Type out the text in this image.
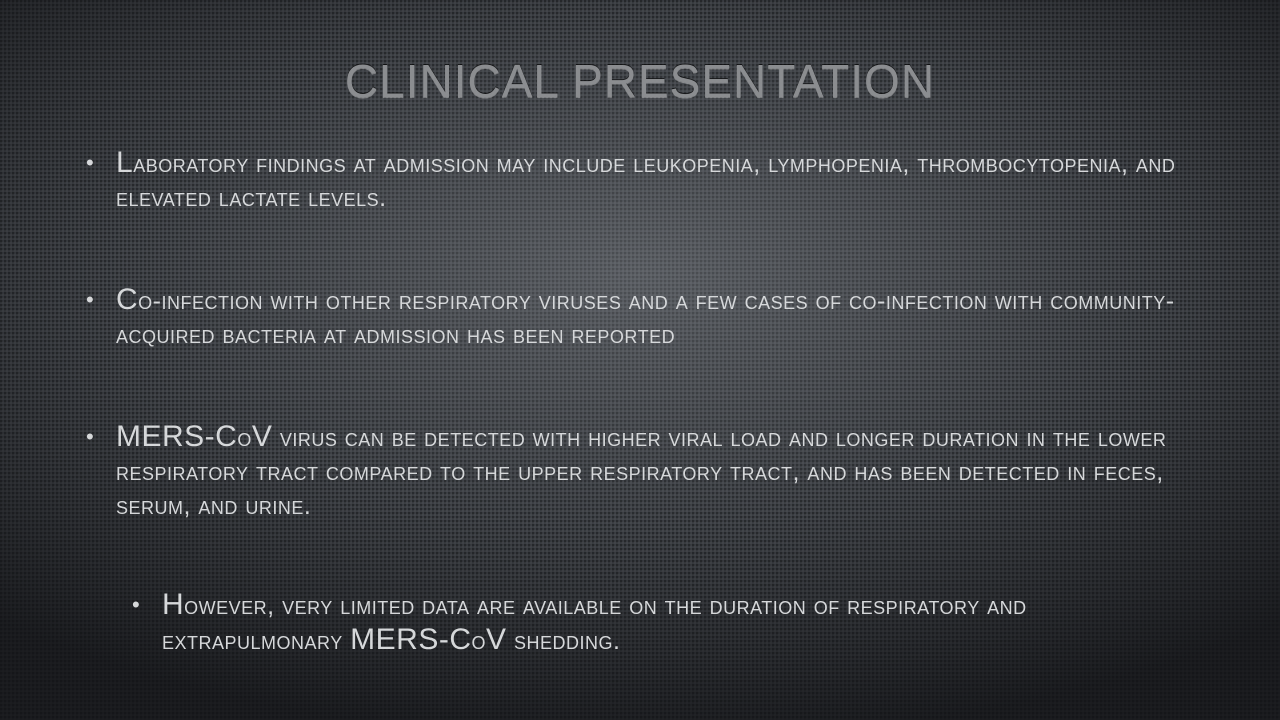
CLINICAL PRESENTATION
• Laboratory findings at admission may include leukopenia, lymphopenia, thrombocytopenia, and elevated lactate levels.
• Co-infection with other respiratory viruses and a few cases of co-infection with community-acquired bacteria at admission has been reported
• MERS-CoV virus can be detected with higher viral load and longer duration in the lower respiratory tract compared to the upper respiratory tract, and has been detected in feces, serum, and urine.
• However, very limited data are available on the duration of respiratory and extrapulmonary MERS-CoV shedding.
